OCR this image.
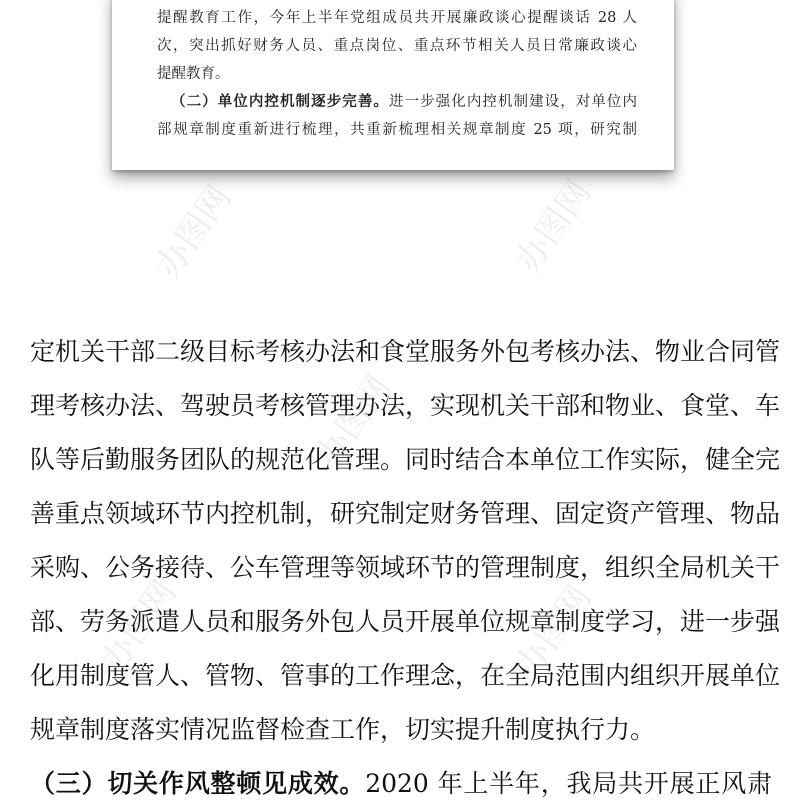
提醒教育工作，今年上半年党组成员共开展廉政谈心提醒谈话 28 人
次，突出抓好财务人员、重点岗位、重点环节相关人员日常廉政谈心
提醒教育。
（二）单位内控机制逐步完善。进一步强化内控机制建设，对单位内
部规章制度重新进行梳理，共重新梳理相关规章制度 25 项，研究制
定机关干部二级目标考核办法和食堂服务外包考核办法、物业合同管
理考核办法、驾驶员考核管理办法，实现机关干部和物业、食堂、车
队等后勤服务团队的规范化管理。同时结合本单位工作实际，健全完
善重点领域环节内控机制，研究制定财务管理、固定资产管理、物品
采购、公务接待、公车管理等领域环节的管理制度，组织全局机关干
部、劳务派遣人员和服务外包人员开展单位规章制度学习，进一步强
化用制度管人、管物、管事的工作理念，在全局范围内组织开展单位
规章制度落实情况监督检查工作，切实提升制度执行力。
（三）切关作风整顿见成效。2020 年上半年，我局共开展正风肃
办图网	办图网
办图网
办图网	办图网
